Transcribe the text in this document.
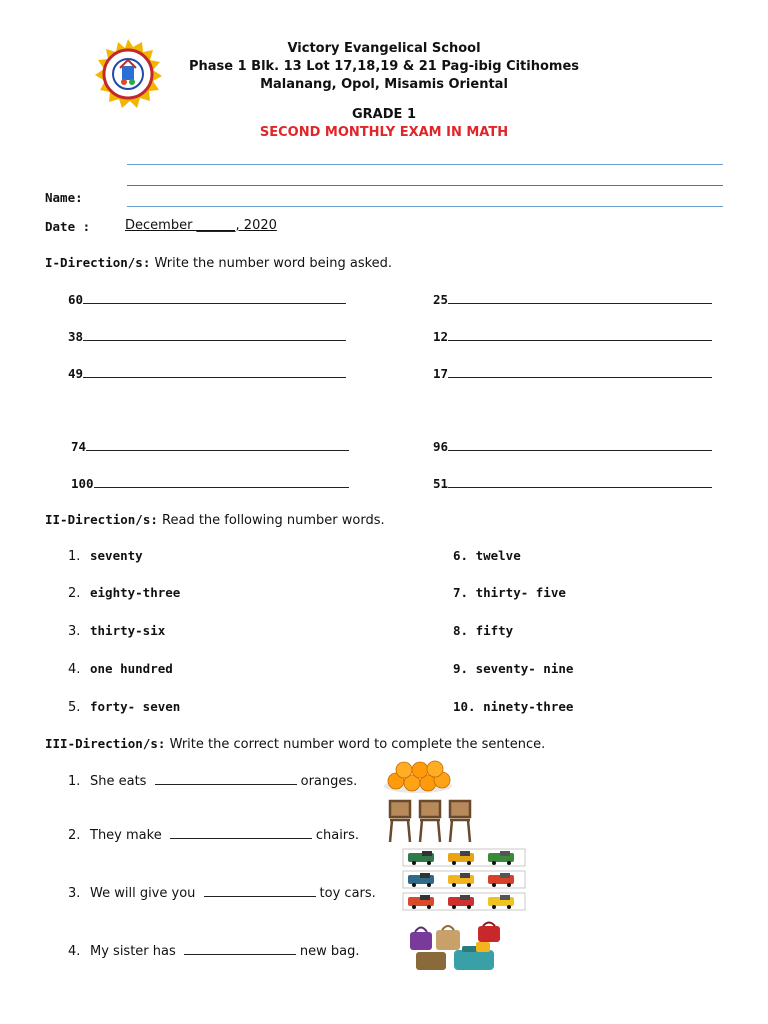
Victory Evangelical School
Phase 1 Blk. 13 Lot 17,18,19 & 21 Pag-ibig Citihomes
Malanang, Opol, Misamis Oriental
GRADE 1
SECOND MONTHLY EXAM IN MATH
Name:
Date :	December ______, 2020
I-Direction/s: Write the number word being asked.
60
38
49
74
100
25
12
17
96
51
II-Direction/s: Read the following number words.
1. seventy
2. eighty-three
3. thirty-six
4. one hundred
5. forty- seven
6. twelve
7. thirty- five
8. fifty
9. seventy- nine
10. ninety-three
III-Direction/s: Write the correct number word to complete the sentence.
1. She eats	oranges.
2. They make	chairs.
3. We will give you	toy cars.
4. My sister has	new bag.
